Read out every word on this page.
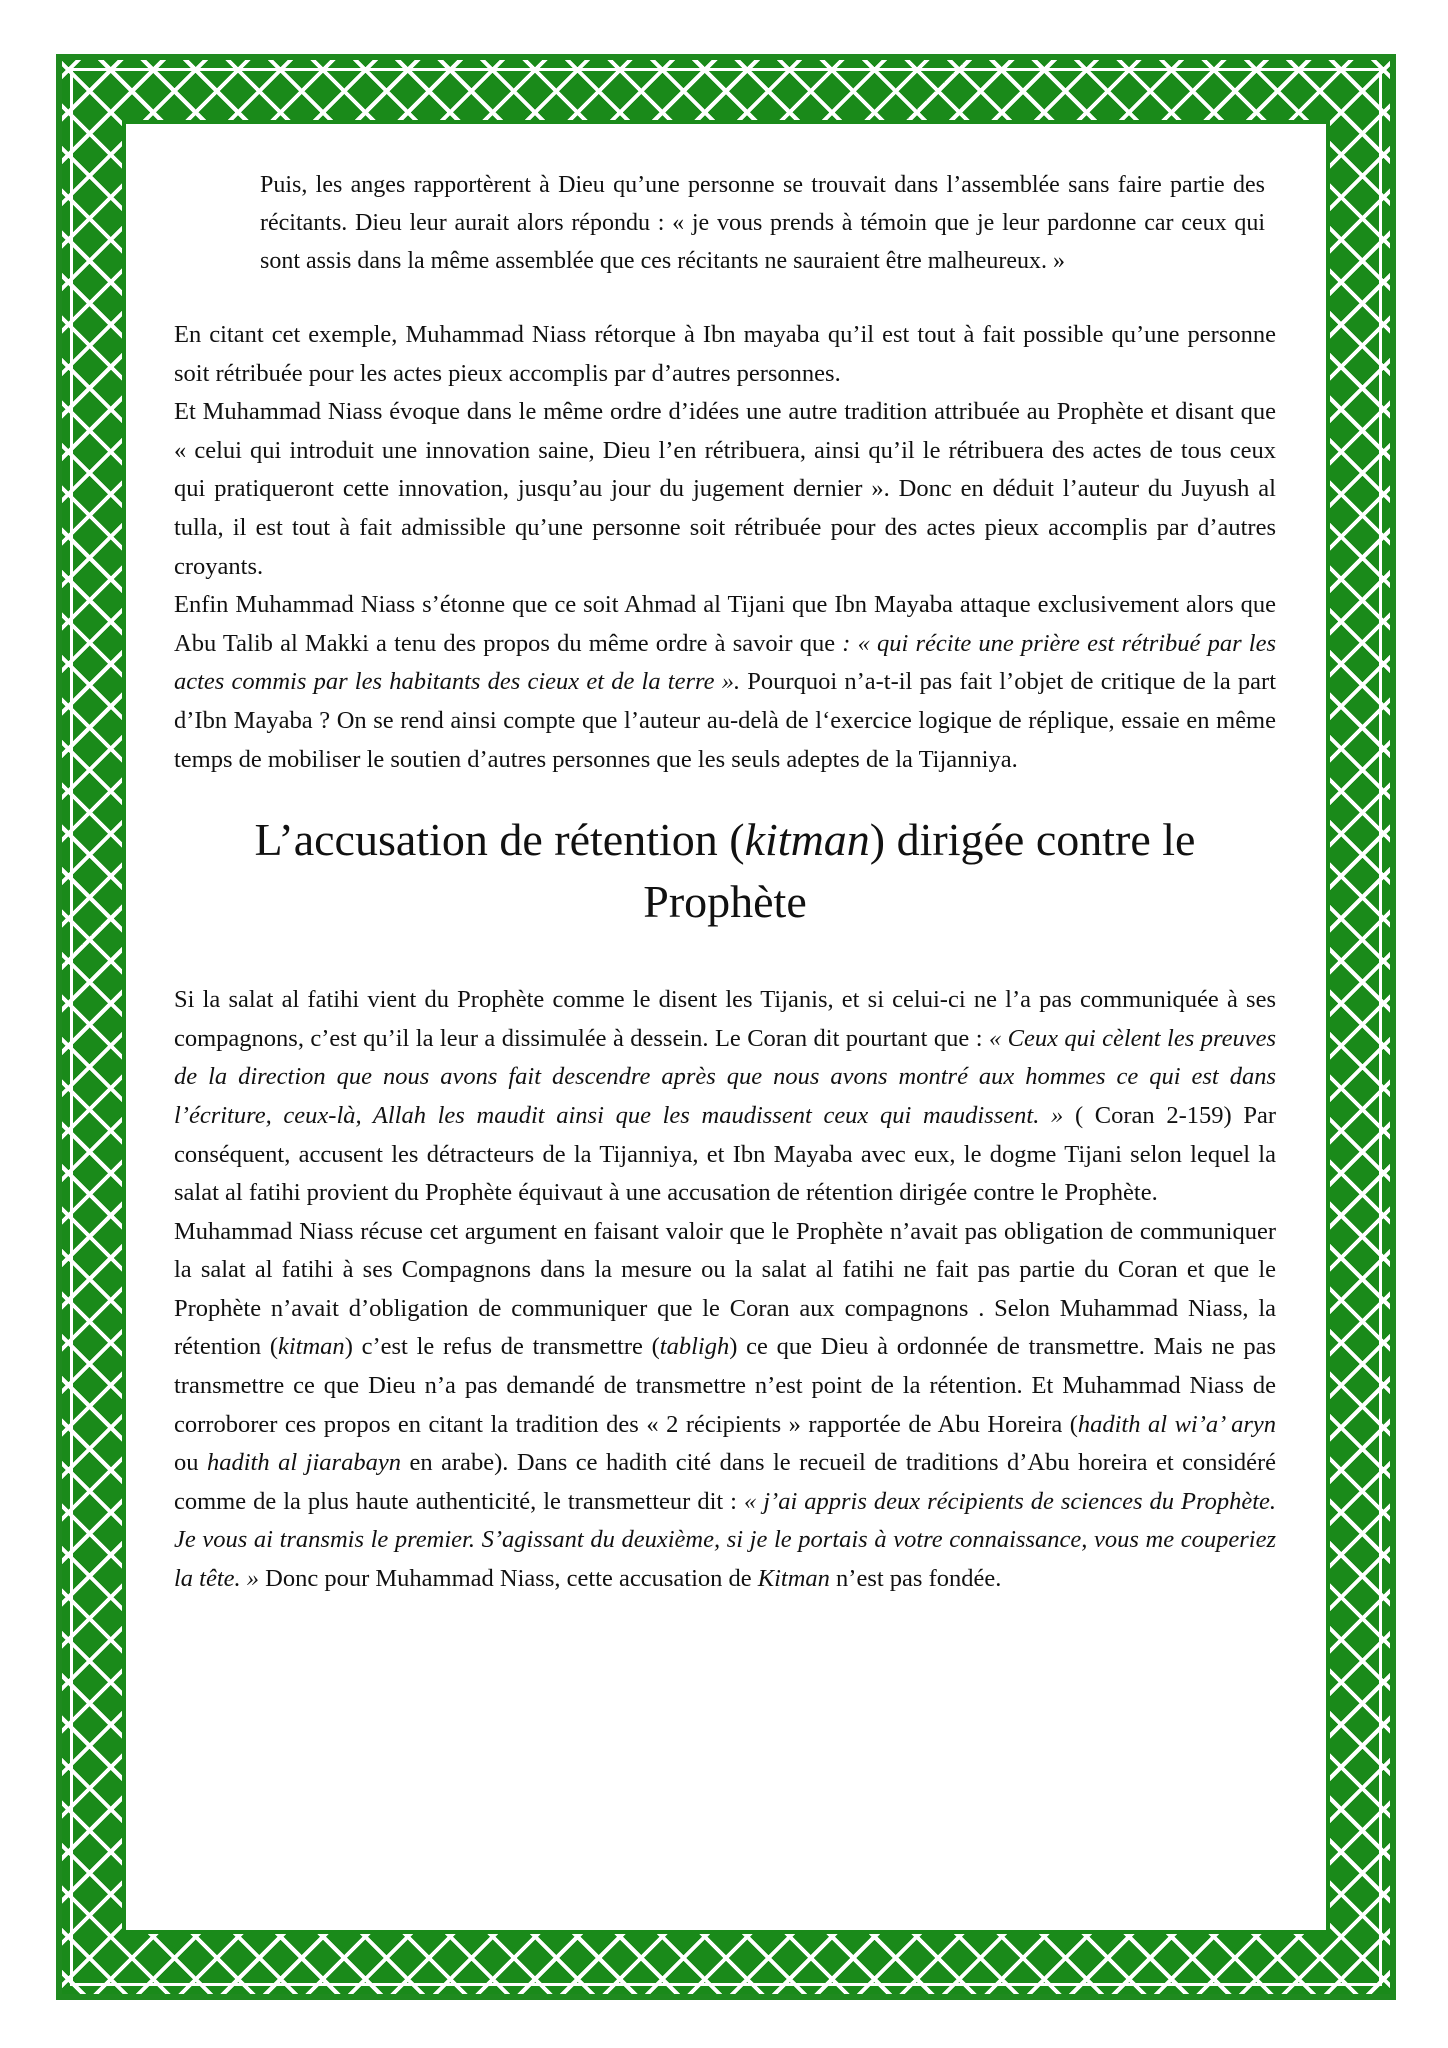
Puis, les anges rapportèrent à Dieu qu’une personne se trouvait dans l’assemblée sans faire partie des récitants. Dieu leur aurait alors répondu : « je vous prends à témoin que je leur pardonne car ceux qui sont assis dans la même assemblée que ces récitants ne sauraient être malheureux. »

En citant cet exemple, Muhammad Niass rétorque à Ibn mayaba qu’il est tout à fait possible qu’une personne soit rétribuée pour les actes pieux accomplis par d’autres personnes.

Et Muhammad Niass évoque dans le même ordre d’idées une autre tradition attribuée au Prophète et disant que « celui qui introduit une innovation saine, Dieu l’en rétribuera, ainsi qu’il le rétribuera des actes de tous ceux qui pratiqueront cette innovation, jusqu’au jour du jugement dernier ». Donc en déduit l’auteur du Juyush al tulla, il est tout à fait admissible qu’une personne soit rétribuée pour des actes pieux accomplis par d’autres croyants.

Enfin Muhammad Niass s’étonne que ce soit Ahmad al Tijani que Ibn Mayaba attaque exclusivement alors que Abu Talib al Makki a tenu des propos du même ordre à savoir que : « qui récite une prière est rétribué par les actes commis par les habitants des cieux et de la terre ». Pourquoi n’a-t-il pas fait l’objet de critique de la part d’Ibn Mayaba ? On se rend ainsi compte que l’auteur au-delà de l‘exercice logique de réplique, essaie en même temps de mobiliser le soutien d’autres personnes que les seuls adeptes de la Tijanniya.

L’accusation de rétention (kitman) dirigée contre le Prophète

Si la salat al fatihi vient du Prophète comme le disent les Tijanis, et si celui-ci ne l’a pas communiquée à ses compagnons, c’est qu’il la leur a dissimulée à dessein. Le Coran dit pourtant que : « Ceux qui cèlent les preuves de la direction que nous avons fait descendre après que nous avons montré aux hommes ce qui est dans l’écriture, ceux-là, Allah les maudit ainsi que les maudissent ceux qui maudissent. » ( Coran 2-159) Par conséquent, accusent les détracteurs de la Tijanniya, et Ibn Mayaba avec eux, le dogme Tijani selon lequel la salat al fatihi provient du Prophète équivaut à une accusation de rétention dirigée contre le Prophète.

Muhammad Niass récuse cet argument en faisant valoir que le Prophète n’avait pas obligation de communiquer la salat al fatihi à ses Compagnons dans la mesure ou la salat al fatihi ne fait pas partie du Coran et que le Prophète n’avait d’obligation de communiquer que le Coran aux compagnons . Selon Muhammad Niass, la rétention (kitman) c’est le refus de transmettre (tabligh) ce que Dieu à ordonnée de transmettre. Mais ne pas transmettre ce que Dieu n’a pas demandé de transmettre n’est point de la rétention. Et Muhammad Niass de corroborer ces propos en citant la tradition des « 2 récipients » rapportée de Abu Horeira (hadith al wi’a’ aryn ou hadith al jiarabayn en arabe). Dans ce hadith cité dans le recueil de traditions d’Abu horeira et considéré comme de la plus haute authenticité, le transmetteur dit : « j’ai appris deux récipients de sciences du Prophète. Je vous ai transmis le premier. S’agissant du deuxième, si je le portais à votre connaissance, vous me couperiez la tête. » Donc pour Muhammad Niass, cette accusation de Kitman n’est pas fondée.
